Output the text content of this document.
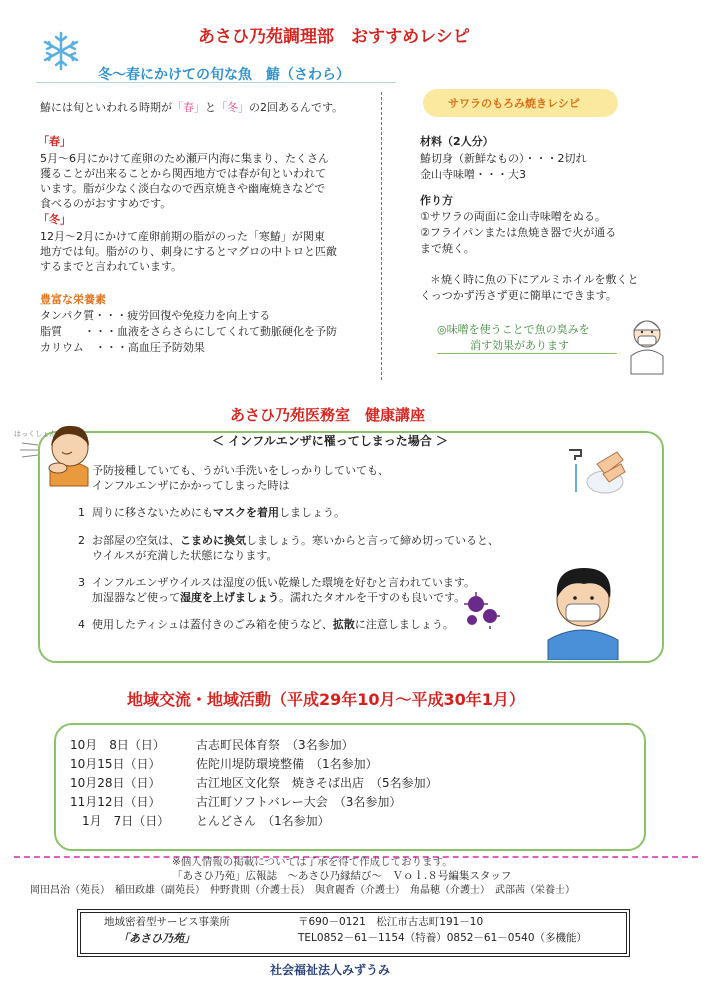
あさひ乃苑調理部　おすすめレシピ
冬～春にかけての旬な魚　鰆（さわら）
鰆には旬といわれる時期が「春」と「冬」の2回あるんです。
「春」
5月～6月にかけて産卵のため瀬戸内海に集まり、たくさん
獲ることが出来ることから関西地方では春が旬といわれて
います。脂が少なく淡白なので西京焼きや幽庵焼きなどで
食べるのがおすすめです。
「冬」
12月～2月にかけて産卵前期の脂がのった「寒鰆」が関東
地方では旬。脂がのり、刺身にするとマグロの中トロと匹敵
するまでと言われています。
豊富な栄養素
タンパク質・・・疲労回復や免疫力を向上する
脂質　　・・・血液をさらさらにしてくれて動脈硬化を予防
カリウム　・・・高血圧予防効果
サワラのもろみ焼きレシピ
材料（2人分）
鰆切身（新鮮なもの）・・・2切れ
金山寺味噌・・・大3
作り方
①サワラの両面に金山寺味噌をぬる。
②フライパンまたは魚焼き器で火が通る
まで焼く。
＊焼く時に魚の下にアルミホイルを敷くと
くっつかず汚さず更に簡単にできます。
◎味噌を使うことで魚の臭みを
消す効果があります
あさひ乃苑医務室　健康講座
＜ インフルエンザに罹ってしまった場合 ＞
はっくしょん
予防接種していても、うがい手洗いをしっかりしていても、
インフルエンザにかかってしまった時は
1 周りに移さないためにもマスクを着用しましょう。
2 お部屋の空気は、こまめに換気しましょう。寒いからと言って締め切っていると、
ウイルスが充満した状態になります。
3 インフルエンザウイルスは湿度の低い乾燥した環境を好むと言われています。
加湿器など使って湿度を上げましょう。濡れたタオルを干すのも良いです。
4 使用したティシュは蓋付きのごみ箱を使うなど、拡散に注意しましょう。
地域交流・地域活動（平成29年10月～平成30年1月）
10月　8日（日）	古志町民体育祭　（3名参加）
10月15日（日）	佐陀川堤防環境整備　（1名参加）
10月28日（日）	古江地区文化祭　焼きそば出店　（5名参加）
11月12日（日）	古江町ソフトバレー大会　（3名参加）
　1月　7日（日）	とんどさん　（1名参加）
※個人情報の掲載については了承を得て作成しております。
「あさひ乃苑」広報誌　～あさひ乃縁結び～　Ｖｏｌ.８号編集スタッフ
岡田昌治（苑長）　稲田政雄（副苑長）　仲野貴則（介護士長）　與倉麗香（介護士）　角晶穂（介護士）　武部茜（栄養士）
地域密着型サービス事業所
「あさひ乃苑」
〒690－0121　松江市古志町191－10
TEL0852－61－1154（特養）0852－61－0540（多機能）
社会福祉法人みずうみ
